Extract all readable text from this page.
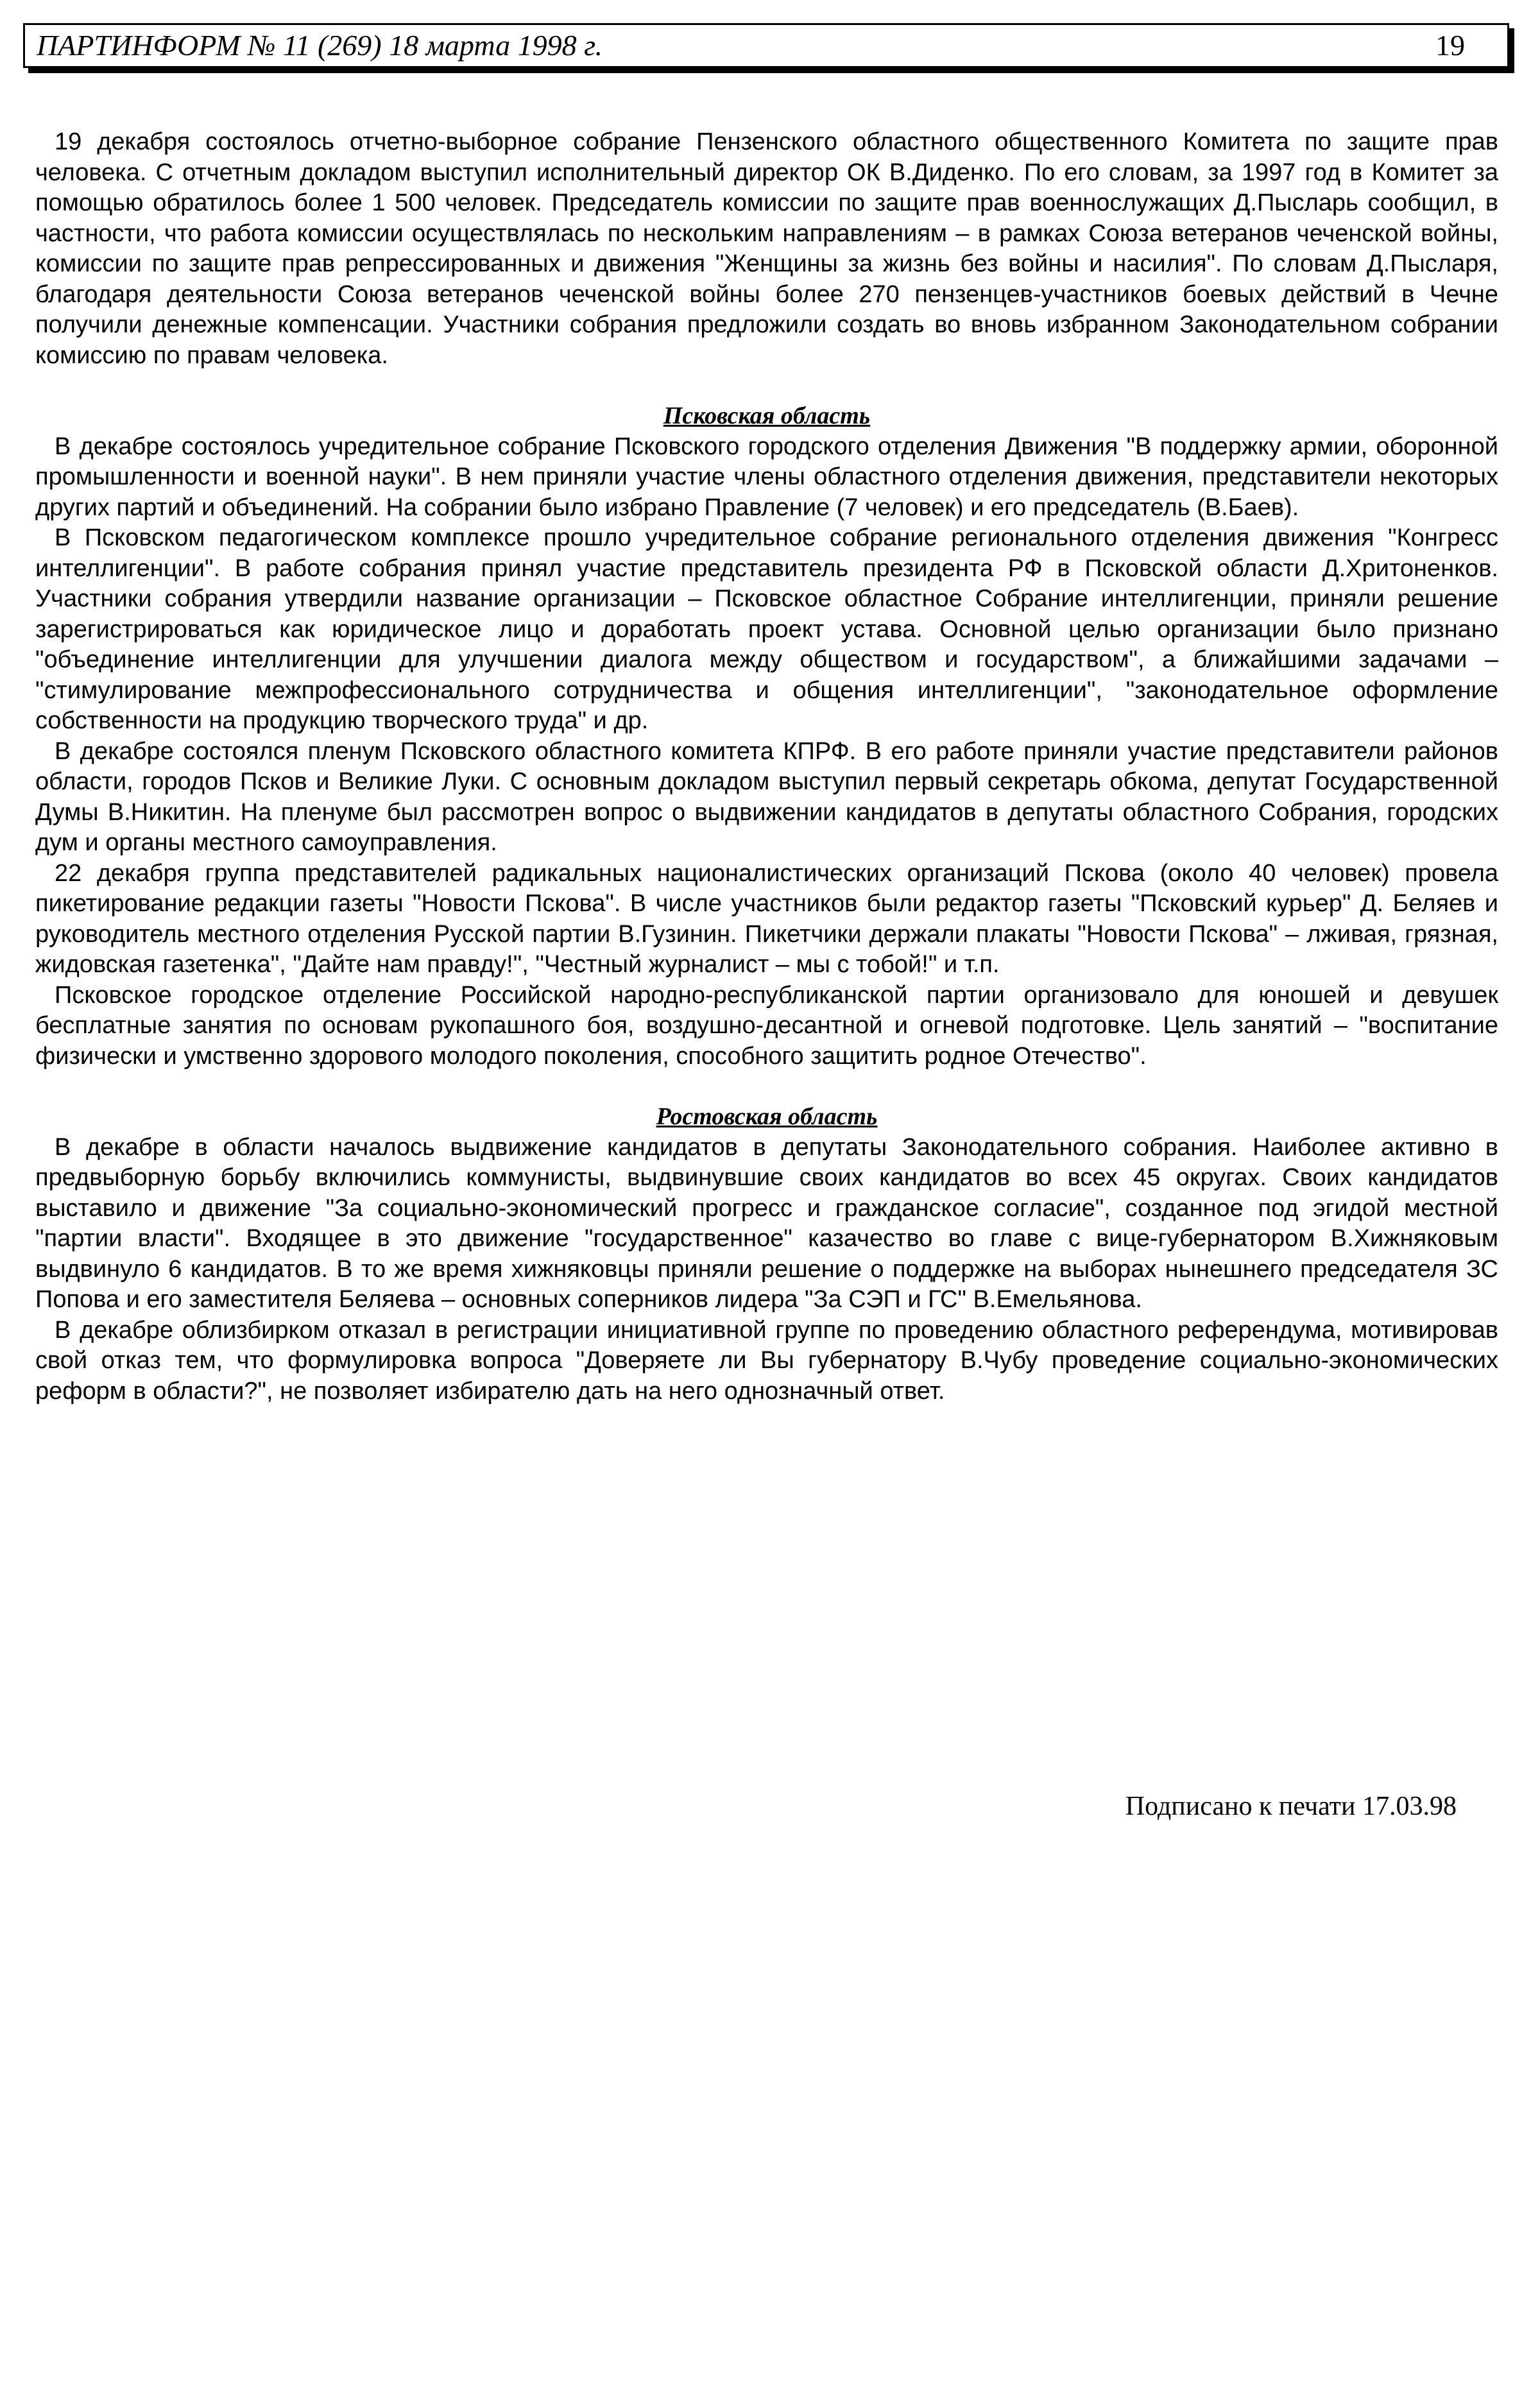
ПАРТИНФОРМ № 11 (269) 18 марта 1998 г.	19

19 декабря состоялось отчетно-выборное собрание Пензенского областного общественного Комитета по защите прав человека. С отчетным докладом выступил исполнительный директор ОК В.Диденко. По его словам, за 1997 год в Комитет за помощью обратилось более 1 500 человек. Председатель комиссии по защите прав военнослужащих Д.Пысларь сообщил, в частности, что работа комиссии осуществлялась по нескольким направлениям – в рамках Союза ветеранов чеченской войны, комиссии по защите прав репрессированных и движения "Женщины за жизнь без войны и насилия". По словам Д.Пысларя, благодаря деятельности Союза ветеранов чеченской войны более 270 пензенцев-участников боевых действий в Чечне получили денежные компенсации. Участники собрания предложили создать во вновь избранном Законодательном собрании комиссию по правам человека.

Псковская область

В декабре состоялось учредительное собрание Псковского городского отделения Движения "В поддержку армии, оборонной промышленности и военной науки". В нем приняли участие члены областного отделения движения, представители некоторых других партий и объединений. На собрании было избрано Правление (7 человек) и его председатель (В.Баев).

В Псковском педагогическом комплексе прошло учредительное собрание регионального отделения движения "Конгресс интеллигенции". В работе собрания принял участие представитель президента РФ в Псковской области Д.Хритоненков. Участники собрания утвердили название организации – Псковское областное Собрание интеллигенции, приняли решение зарегистрироваться как юридическое лицо и доработать проект устава. Основной целью организации было признано "объединение интеллигенции для улучшении диалога между обществом и государством", а ближайшими задачами – "стимулирование межпрофессионального сотрудничества и общения интеллигенции", "законодательное оформление собственности на продукцию творческого труда" и др.

В декабре состоялся пленум Псковского областного комитета КПРФ. В его работе приняли участие представители районов области, городов Псков и Великие Луки. С основным докладом выступил первый секретарь обкома, депутат Государственной Думы В.Никитин. На пленуме был рассмотрен вопрос о выдвижении кандидатов в депутаты областного Собрания, городских дум и органы местного самоуправления.

22 декабря группа представителей радикальных националистических организаций Пскова (около 40 человек) провела пикетирование редакции газеты "Новости Пскова". В числе участников были редактор газеты "Псковский курьер" Д. Беляев и руководитель местного отделения Русской партии В.Гузинин. Пикетчики держали плакаты "Новости Пскова" – лживая, грязная, жидовская газетенка", "Дайте нам правду!", "Честный журналист – мы с тобой!" и т.п.

Псковское городское отделение Российской народно-республиканской партии организовало для юношей и девушек бесплатные занятия по основам рукопашного боя, воздушно-десантной и огневой подготовке. Цель занятий – "воспитание физически и умственно здорового молодого поколения, способного защитить родное Отечество".

Ростовская область

В декабре в области началось выдвижение кандидатов в депутаты Законодательного собрания. Наиболее активно в предвыборную борьбу включились коммунисты, выдвинувшие своих кандидатов во всех 45 округах. Своих кандидатов выставило и движение "За социально-экономический прогресс и гражданское согласие", созданное под эгидой местной "партии власти". Входящее в это движение "государственное" казачество во главе с вице-губернатором В.Хижняковым выдвинуло 6 кандидатов. В то же время хижняковцы приняли решение о поддержке на выборах нынешнего председателя ЗС Попова и его заместителя Беляева – основных соперников лидера "За СЭП и ГС" В.Емельянова.

В декабре облизбирком отказал в регистрации инициативной группе по проведению областного референдума, мотивировав свой отказ тем, что формулировка вопроса "Доверяете ли Вы губернатору В.Чубу проведение социально-экономических реформ в области?", не позволяет избирателю дать на него однозначный ответ.

Подписано к печати 17.03.98
